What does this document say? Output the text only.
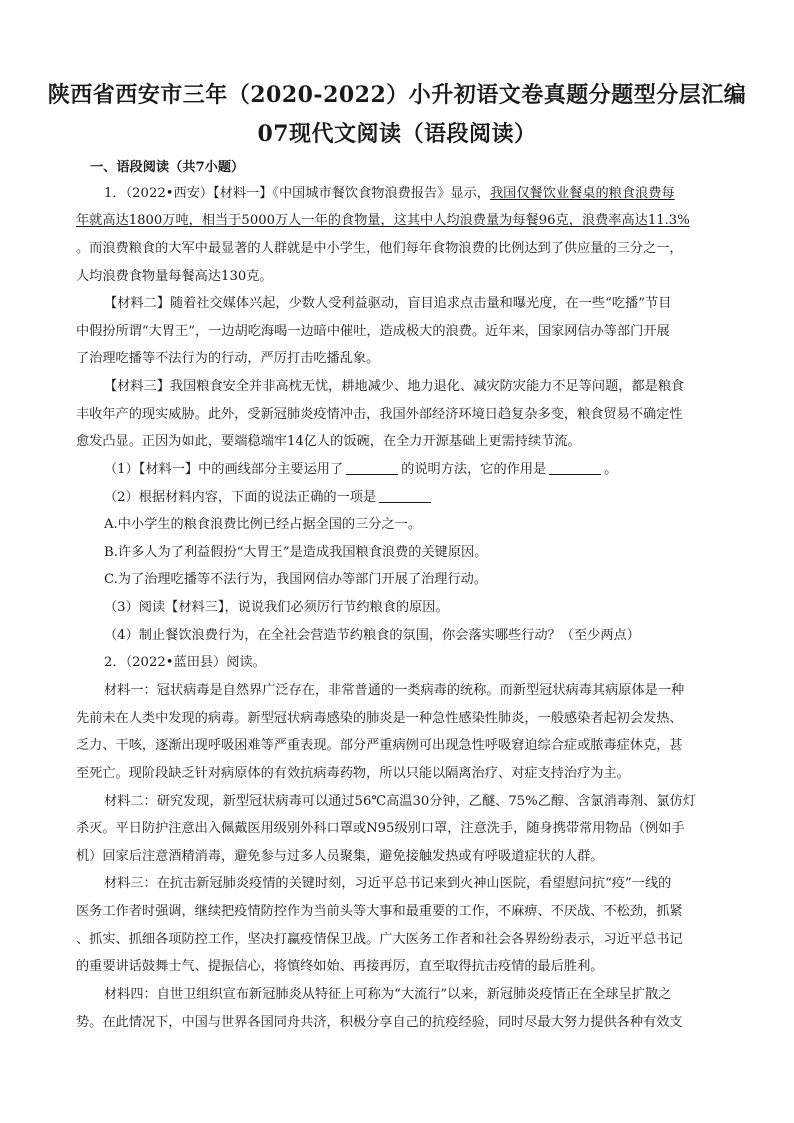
陕西省西安市三年（2020-2022）小升初语文卷真题分题型分层汇编
07现代文阅读（语段阅读）
一、语段阅读（共7小题）
1．（2022•西安）【材料一】《中国城市餐饮食物浪费报告》显示，我国仅餐饮业餐桌的粮食浪费每
年就高达1800万吨，相当于5000万人一年的食物量，这其中人均浪费量为每餐96克，浪费率高达11.3%
。而浪费粮食的大军中最显著的人群就是中小学生，他们每年食物浪费的比例达到了供应量的三分之一，
人均浪费食物量每餐高达130克。
【材料二】随着社交媒体兴起，少数人受利益驱动，盲目追求点击量和曝光度，在一些“吃播”节目
中假扮所谓“大胃王”，一边胡吃海喝一边暗中催吐，造成极大的浪费。近年来，国家网信办等部门开展
了治理吃播等不法行为的行动，严厉打击吃播乱象。
【材料三】我国粮食安全并非高枕无忧，耕地减少、地力退化、减灾防灾能力不足等问题，都是粮食
丰收年产的现实威胁。此外，受新冠肺炎疫情冲击，我国外部经济环境日趋复杂多变，粮食贸易不确定性
愈发凸显。正因为如此，要端稳端牢14亿人的饭碗，在全力开源基础上更需持续节流。
（1）【材料一】中的画线部分主要运用了	的说明方法，它的作用是	。
（2）根据材料内容，下面的说法正确的一项是
A.中小学生的粮食浪费比例已经占据全国的三分之一。
B.许多人为了利益假扮“大胃王”是造成我国粮食浪费的关键原因。
C.为了治理吃播等不法行为，我国网信办等部门开展了治理行动。
（3）阅读【材料三】，说说我们必须厉行节约粮食的原因。
（4）制止餐饮浪费行为，在全社会营造节约粮食的氛围，你会落实哪些行动？（至少两点）
2．（2022•蓝田县）阅读。
材料一：冠状病毒是自然界广泛存在，非常普通的一类病毒的统称。而新型冠状病毒其病原体是一种
先前未在人类中发现的病毒。新型冠状病毒感染的肺炎是一种急性感染性肺炎，一般感染者起初会发热、
乏力、干咳，逐渐出现呼吸困难等严重表现。部分严重病例可出现急性呼吸窘迫综合症或脓毒症休克，甚
至死亡。现阶段缺乏针对病原体的有效抗病毒药物，所以只能以隔离治疗、对症支持治疗为主。
材料二：研究发现，新型冠状病毒可以通过56℃高温30分钟，乙醚、75%乙醇、含氯消毒剂、氯仿灯
杀灭。平日防护注意出入佩戴医用级别外科口罩或N95级别口罩，注意洗手，随身携带常用物品（例如手
机）回家后注意酒精消毒，避免参与过多人员聚集，避免接触发热或有呼吸道症状的人群。
材料三：在抗击新冠肺炎疫情的关键时刻，习近平总书记来到火神山医院，看望慰问抗“疫”一线的
医务工作者时强调，继续把疫情防控作为当前头等大事和最重要的工作，不麻痹、不厌战、不松劲，抓紧
、抓实、抓细各项防控工作，坚决打赢疫情保卫战。广大医务工作者和社会各界纷纷表示，习近平总书记
的重要讲话鼓舞士气、提振信心，将慎终如始、再接再厉，直至取得抗击疫情的最后胜利。
材料四：自世卫组织宣布新冠肺炎从特征上可称为“大流行”以来，新冠肺炎疫情正在全球呈扩散之
势。在此情况下，中国与世界各国同舟共济，积极分享自己的抗疫经验，同时尽最大努力提供各种有效支
